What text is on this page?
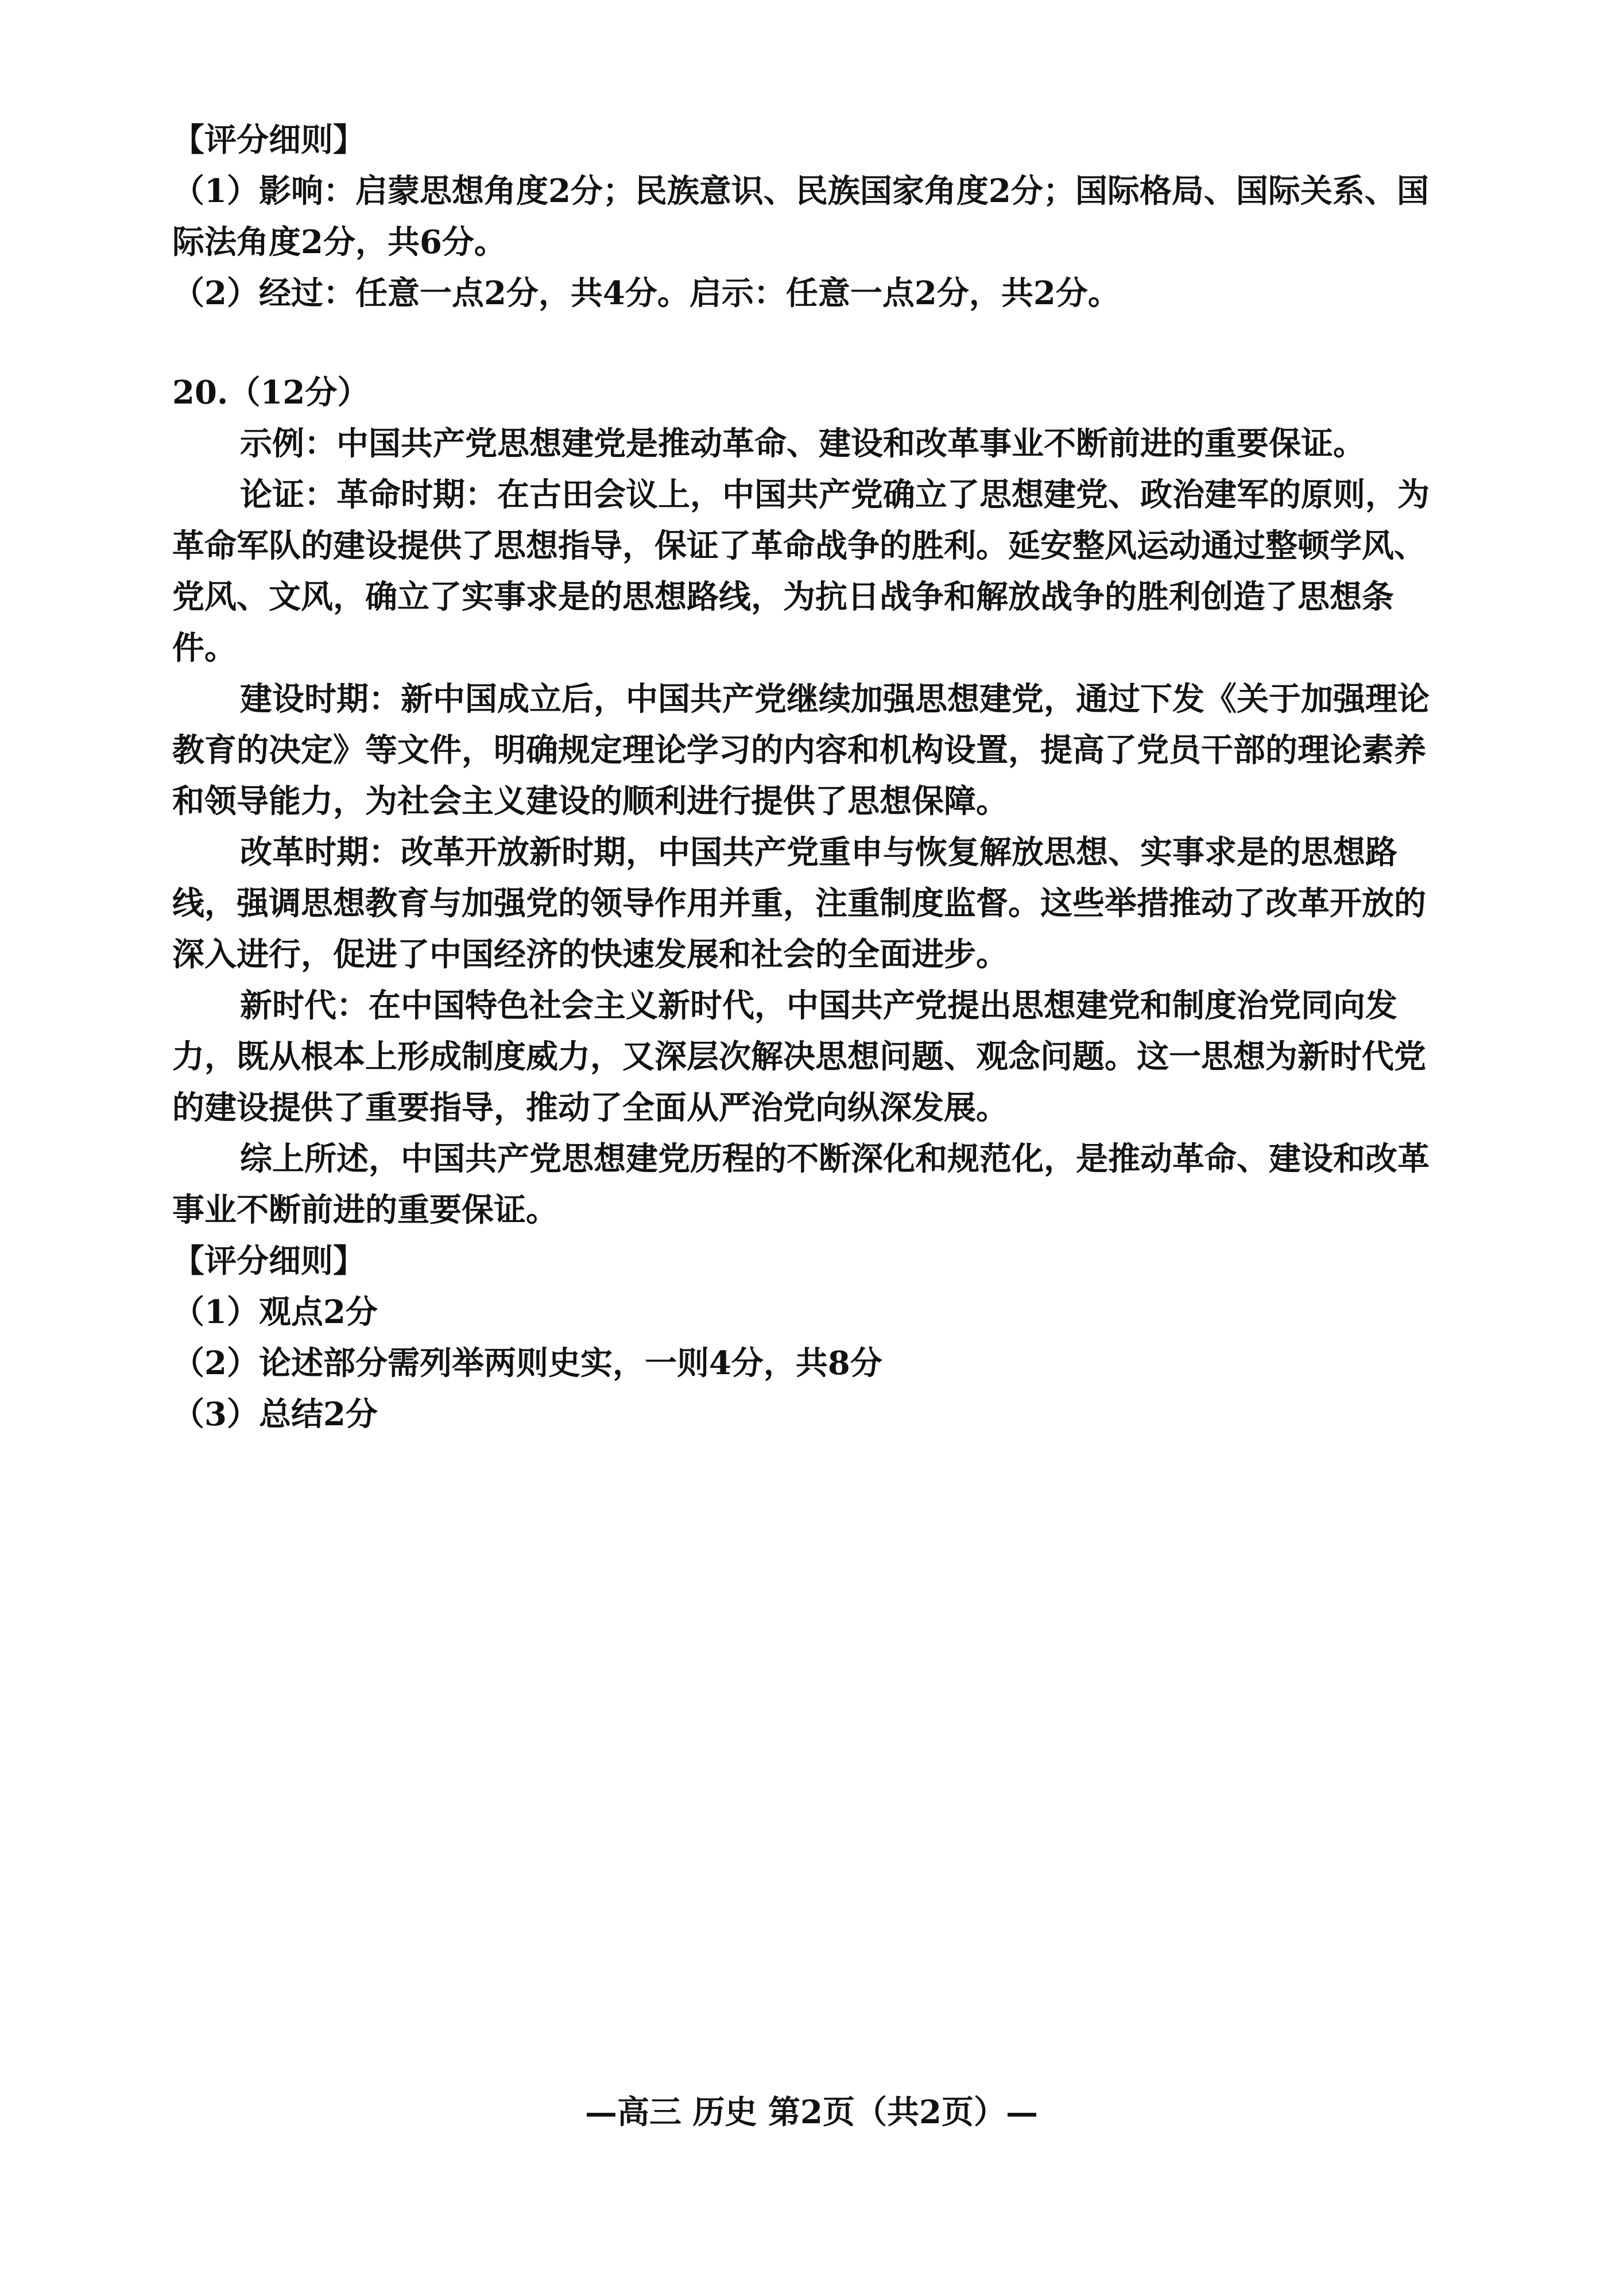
【评分细则】
（1）影响：启蒙思想角度2分；民族意识、民族国家角度2分；国际格局、国际关系、国
际法角度2分，共6分。
（2）经过：任意一点2分，共4分。启示：任意一点2分，共2分。
20.（12分）
示例：中国共产党思想建党是推动革命、建设和改革事业不断前进的重要保证。
论证：革命时期：在古田会议上，中国共产党确立了思想建党、政治建军的原则，为
革命军队的建设提供了思想指导，保证了革命战争的胜利。延安整风运动通过整顿学风、
党风、文风，确立了实事求是的思想路线，为抗日战争和解放战争的胜利创造了思想条
件。
建设时期：新中国成立后，中国共产党继续加强思想建党，通过下发《关于加强理论
教育的决定》等文件，明确规定理论学习的内容和机构设置，提高了党员干部的理论素养
和领导能力，为社会主义建设的顺利进行提供了思想保障。
改革时期：改革开放新时期，中国共产党重申与恢复解放思想、实事求是的思想路
线，强调思想教育与加强党的领导作用并重，注重制度监督。这些举措推动了改革开放的
深入进行，促进了中国经济的快速发展和社会的全面进步。
新时代：在中国特色社会主义新时代，中国共产党提出思想建党和制度治党同向发
力，既从根本上形成制度威力，又深层次解决思想问题、观念问题。这一思想为新时代党
的建设提供了重要指导，推动了全面从严治党向纵深发展。
综上所述，中国共产党思想建党历程的不断深化和规范化，是推动革命、建设和改革
事业不断前进的重要保证。
【评分细则】
（1）观点2分
（2）论述部分需列举两则史实，一则4分，共8分
（3）总结2分
—高三 历史 第2页（共2页）—
